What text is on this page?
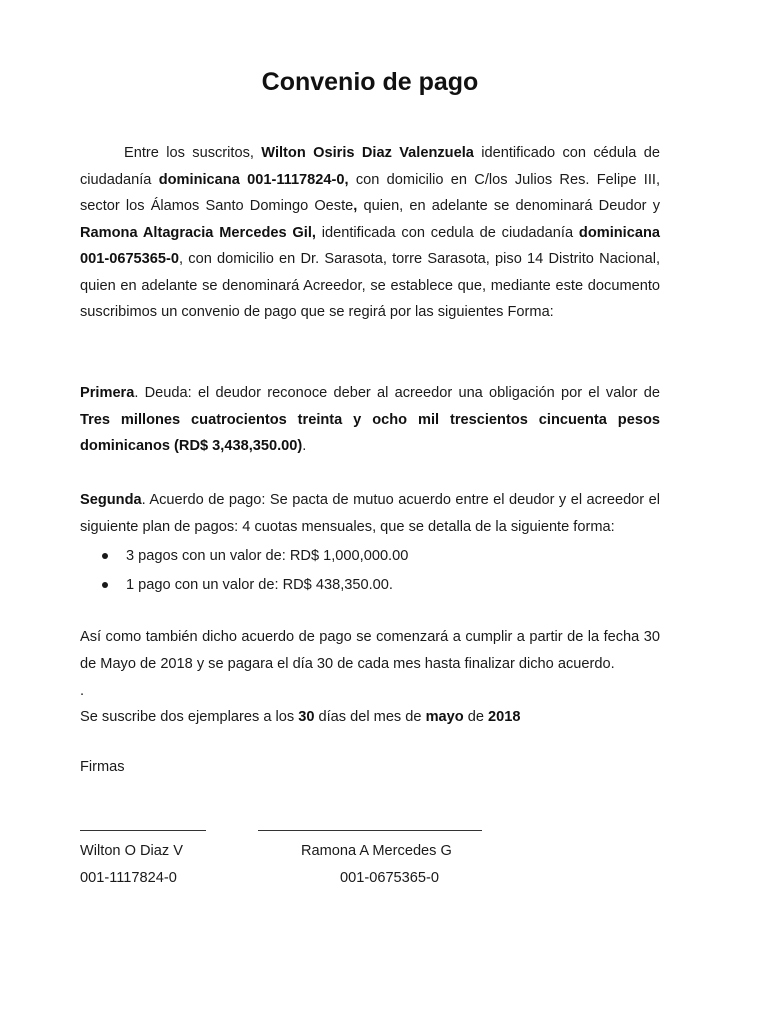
Convenio de pago
Entre los suscritos, Wilton Osiris Diaz Valenzuela identificado con cédula de ciudadanía dominicana 001-1117824-0, con domicilio en C/los Julios Res. Felipe III, sector los Álamos Santo Domingo Oeste, quien, en adelante se denominará Deudor y Ramona Altagracia Mercedes Gil, identificada con cedula de ciudadanía dominicana 001-0675365-0, con domicilio en Dr. Sarasota, torre Sarasota, piso 14 Distrito Nacional, quien en adelante se denominará Acreedor, se establece que, mediante este documento suscribimos un convenio de pago que se regirá por las siguientes Forma:
Primera. Deuda: el deudor reconoce deber al acreedor una obligación por el valor de Tres millones cuatrocientos treinta y ocho mil trescientos cincuenta pesos dominicanos (RD$ 3,438,350.00).
Segunda. Acuerdo de pago: Se pacta de mutuo acuerdo entre el deudor y el acreedor el siguiente plan de pagos: 4 cuotas mensuales, que se detalla de la siguiente forma:
3 pagos con un valor de: RD$ 1,000,000.00
1 pago con un valor de: RD$ 438,350.00.
Así como también dicho acuerdo de pago se comenzará a cumplir a partir de la fecha 30 de Mayo de 2018 y se pagara el día 30 de cada mes hasta finalizar dicho acuerdo.
.
Se suscribe dos ejemplares a los 30 días del mes de mayo de 2018
Firmas
Wilton O Diaz V	Ramona A Mercedes G
001-1117824-0	001-0675365-0
